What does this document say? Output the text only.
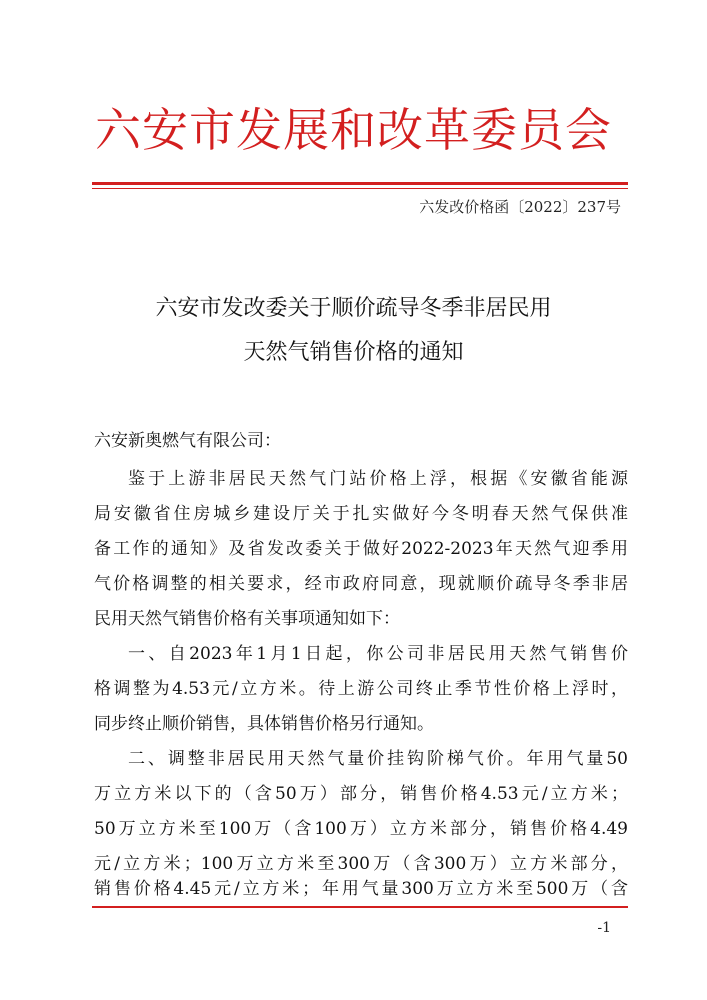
六安市发展和改革委员会
六发改价格函〔2022〕237号
六安市发改委关于顺价疏导冬季非居民用
天然气销售价格的通知
六安新奥燃气有限公司：
鉴于上游非居民天然气门站价格上浮，根据《安徽省能源
局安徽省住房城乡建设厅关于扎实做好今冬明春天然气保供准
备工作的通知》及省发改委关于做好2022-2023年天然气迎季用
气价格调整的相关要求，经市政府同意，现就顺价疏导冬季非居
民用天然气销售价格有关事项通知如下：
一、自2023年1月1日起，你公司非居民用天然气销售价
格调整为4.53元/立方米。待上游公司终止季节性价格上浮时，
同步终止顺价销售，具体销售价格另行通知。
二、调整非居民用天然气量价挂钩阶梯气价。年用气量50
万立方米以下的（含50万）部分，销售价格4.53元/立方米；
50万立方米至100万（含100万）立方米部分，销售价格4.49
元/立方米；100万立方米至300万（含300万）立方米部分，
销售价格4.45元/立方米；年用气量300万立方米至500万（含
-1
